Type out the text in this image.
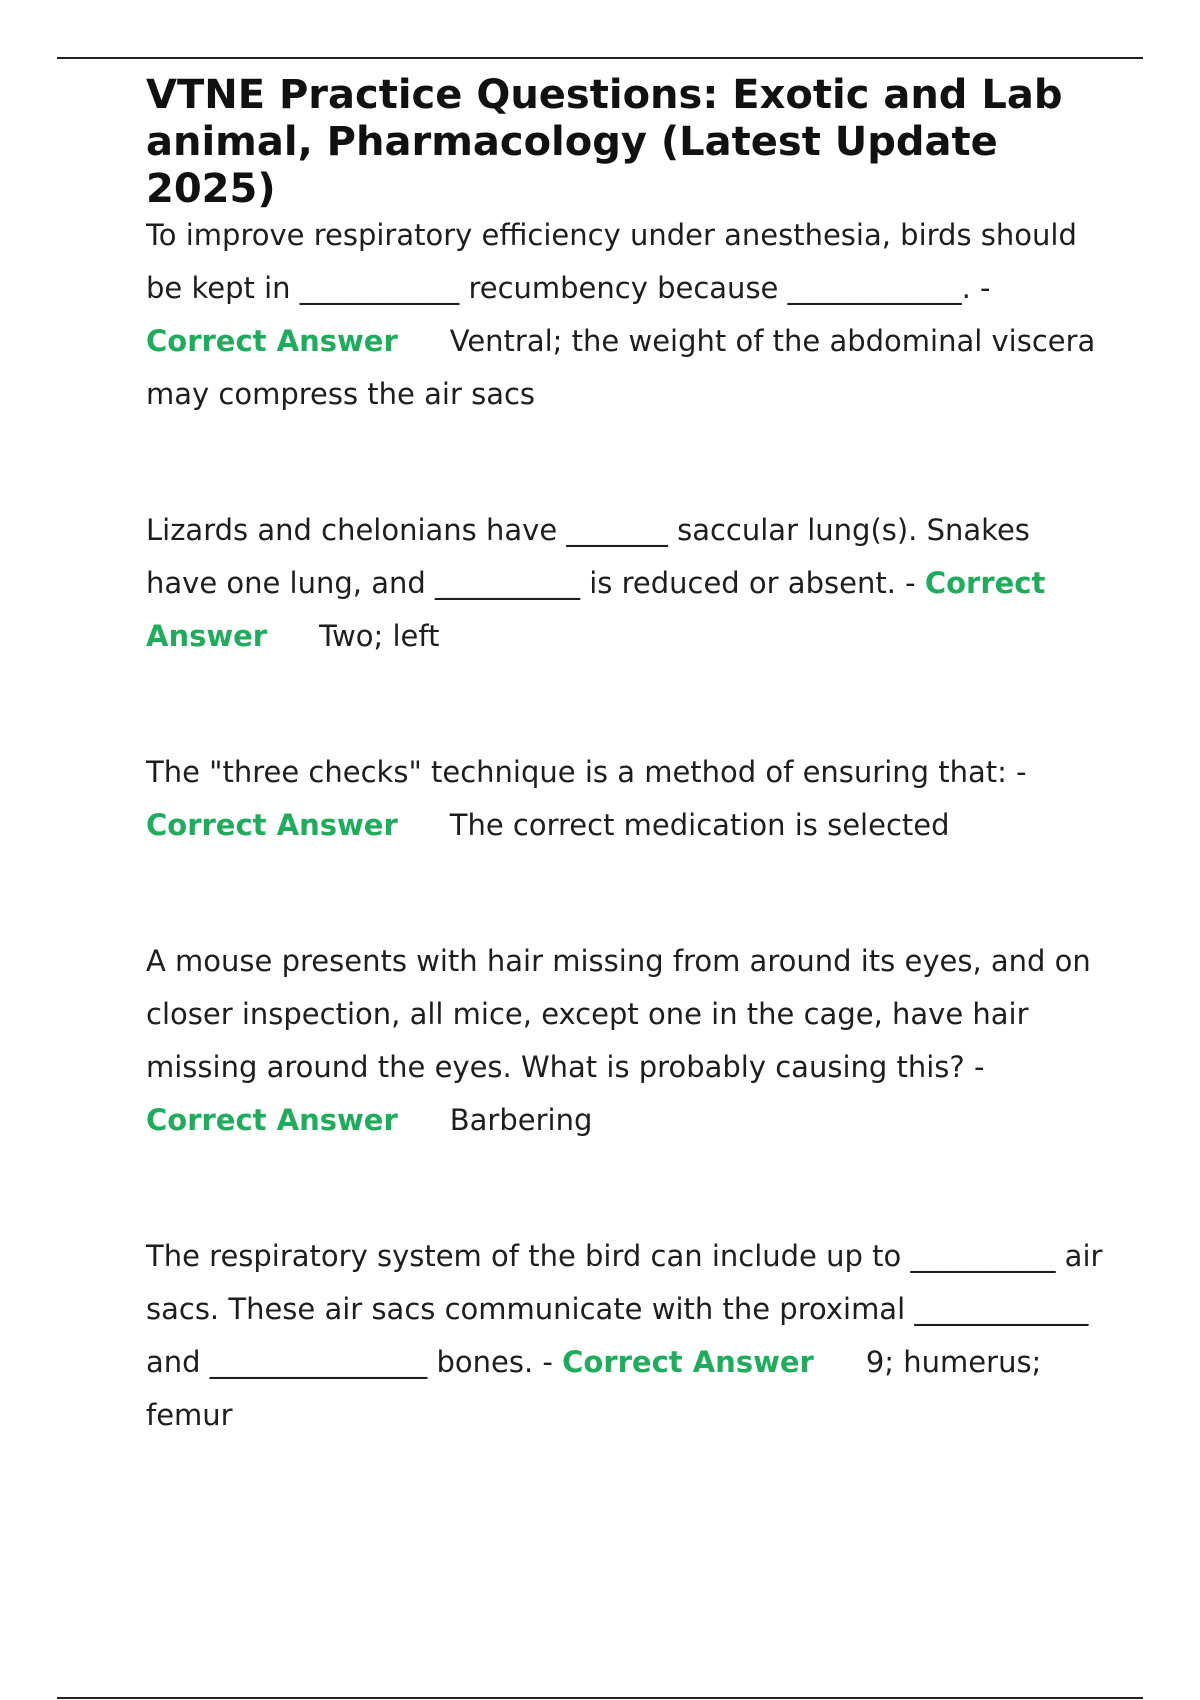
VTNE Practice Questions: Exotic and Lab animal, Pharmacology (Latest Update 2025)

To improve respiratory efficiency under anesthesia, birds should be kept in ___________ recumbency because ____________. - Correct Answer Ventral; the weight of the abdominal viscera may compress the air sacs

Lizards and chelonians have _______ saccular lung(s). Snakes have one lung, and __________ is reduced or absent. - Correct Answer Two; left

The "three checks" technique is a method of ensuring that: - Correct Answer The correct medication is selected

A mouse presents with hair missing from around its eyes, and on closer inspection, all mice, except one in the cage, have hair missing around the eyes. What is probably causing this? - Correct Answer Barbering

The respiratory system of the bird can include up to __________ air sacs. These air sacs communicate with the proximal ____________ and _______________ bones. - Correct Answer 9; humerus; femur
